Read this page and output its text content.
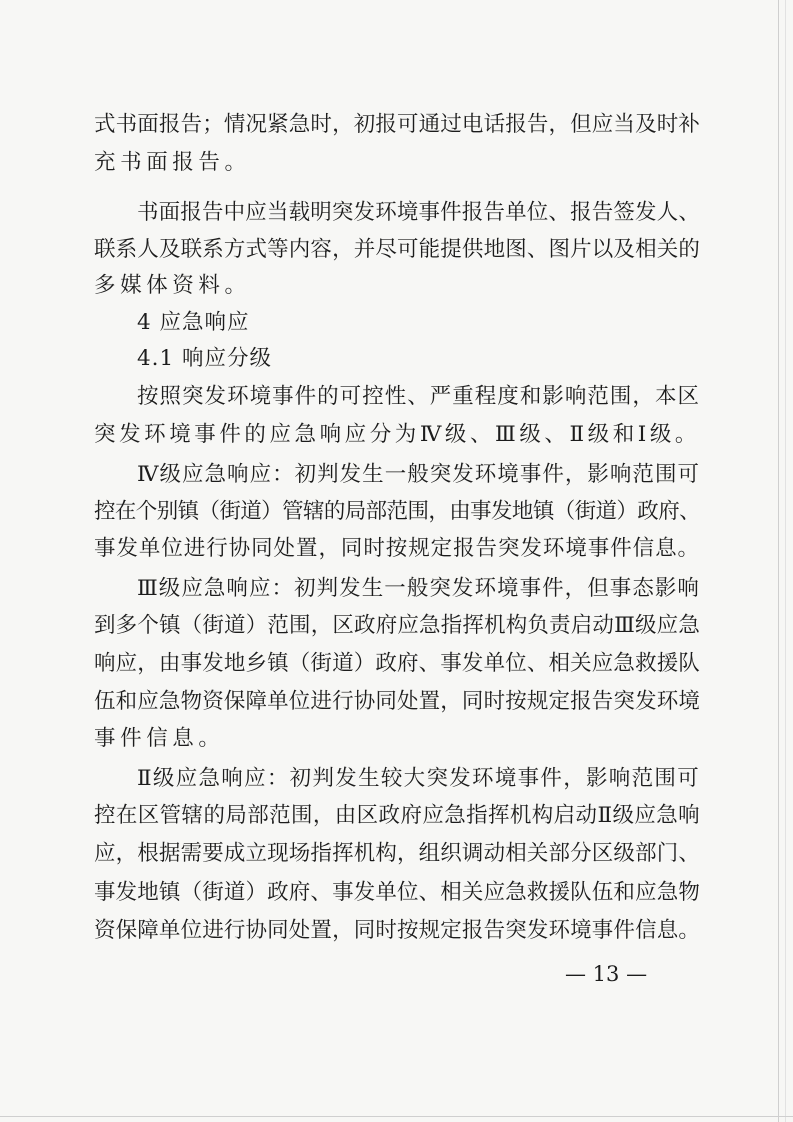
式书面报告；情况紧急时，初报可通过电话报告，但应当及时补
充书面报告。
书面报告中应当载明突发环境事件报告单位、报告签发人、
联系人及联系方式等内容，并尽可能提供地图、图片以及相关的
多媒体资料。
4 应急响应
4.1 响应分级
按照突发环境事件的可控性、严重程度和影响范围，本区
突发环境事件的应急响应分为Ⅳ级、Ⅲ级、Ⅱ级和Ⅰ级。
Ⅳ级应急响应：初判发生一般突发环境事件，影响范围可
控在个别镇（街道）管辖的局部范围，由事发地镇（街道）政府、
事发单位进行协同处置，同时按规定报告突发环境事件信息。
Ⅲ级应急响应：初判发生一般突发环境事件，但事态影响
到多个镇（街道）范围，区政府应急指挥机构负责启动Ⅲ级应急
响应，由事发地乡镇（街道）政府、事发单位、相关应急救援队
伍和应急物资保障单位进行协同处置，同时按规定报告突发环境
事件信息。
Ⅱ级应急响应：初判发生较大突发环境事件，影响范围可
控在区管辖的局部范围，由区政府应急指挥机构启动Ⅱ级应急响
应，根据需要成立现场指挥机构，组织调动相关部分区级部门、
事发地镇（街道）政府、事发单位、相关应急救援队伍和应急物
资保障单位进行协同处置，同时按规定报告突发环境事件信息。
— 13 —
